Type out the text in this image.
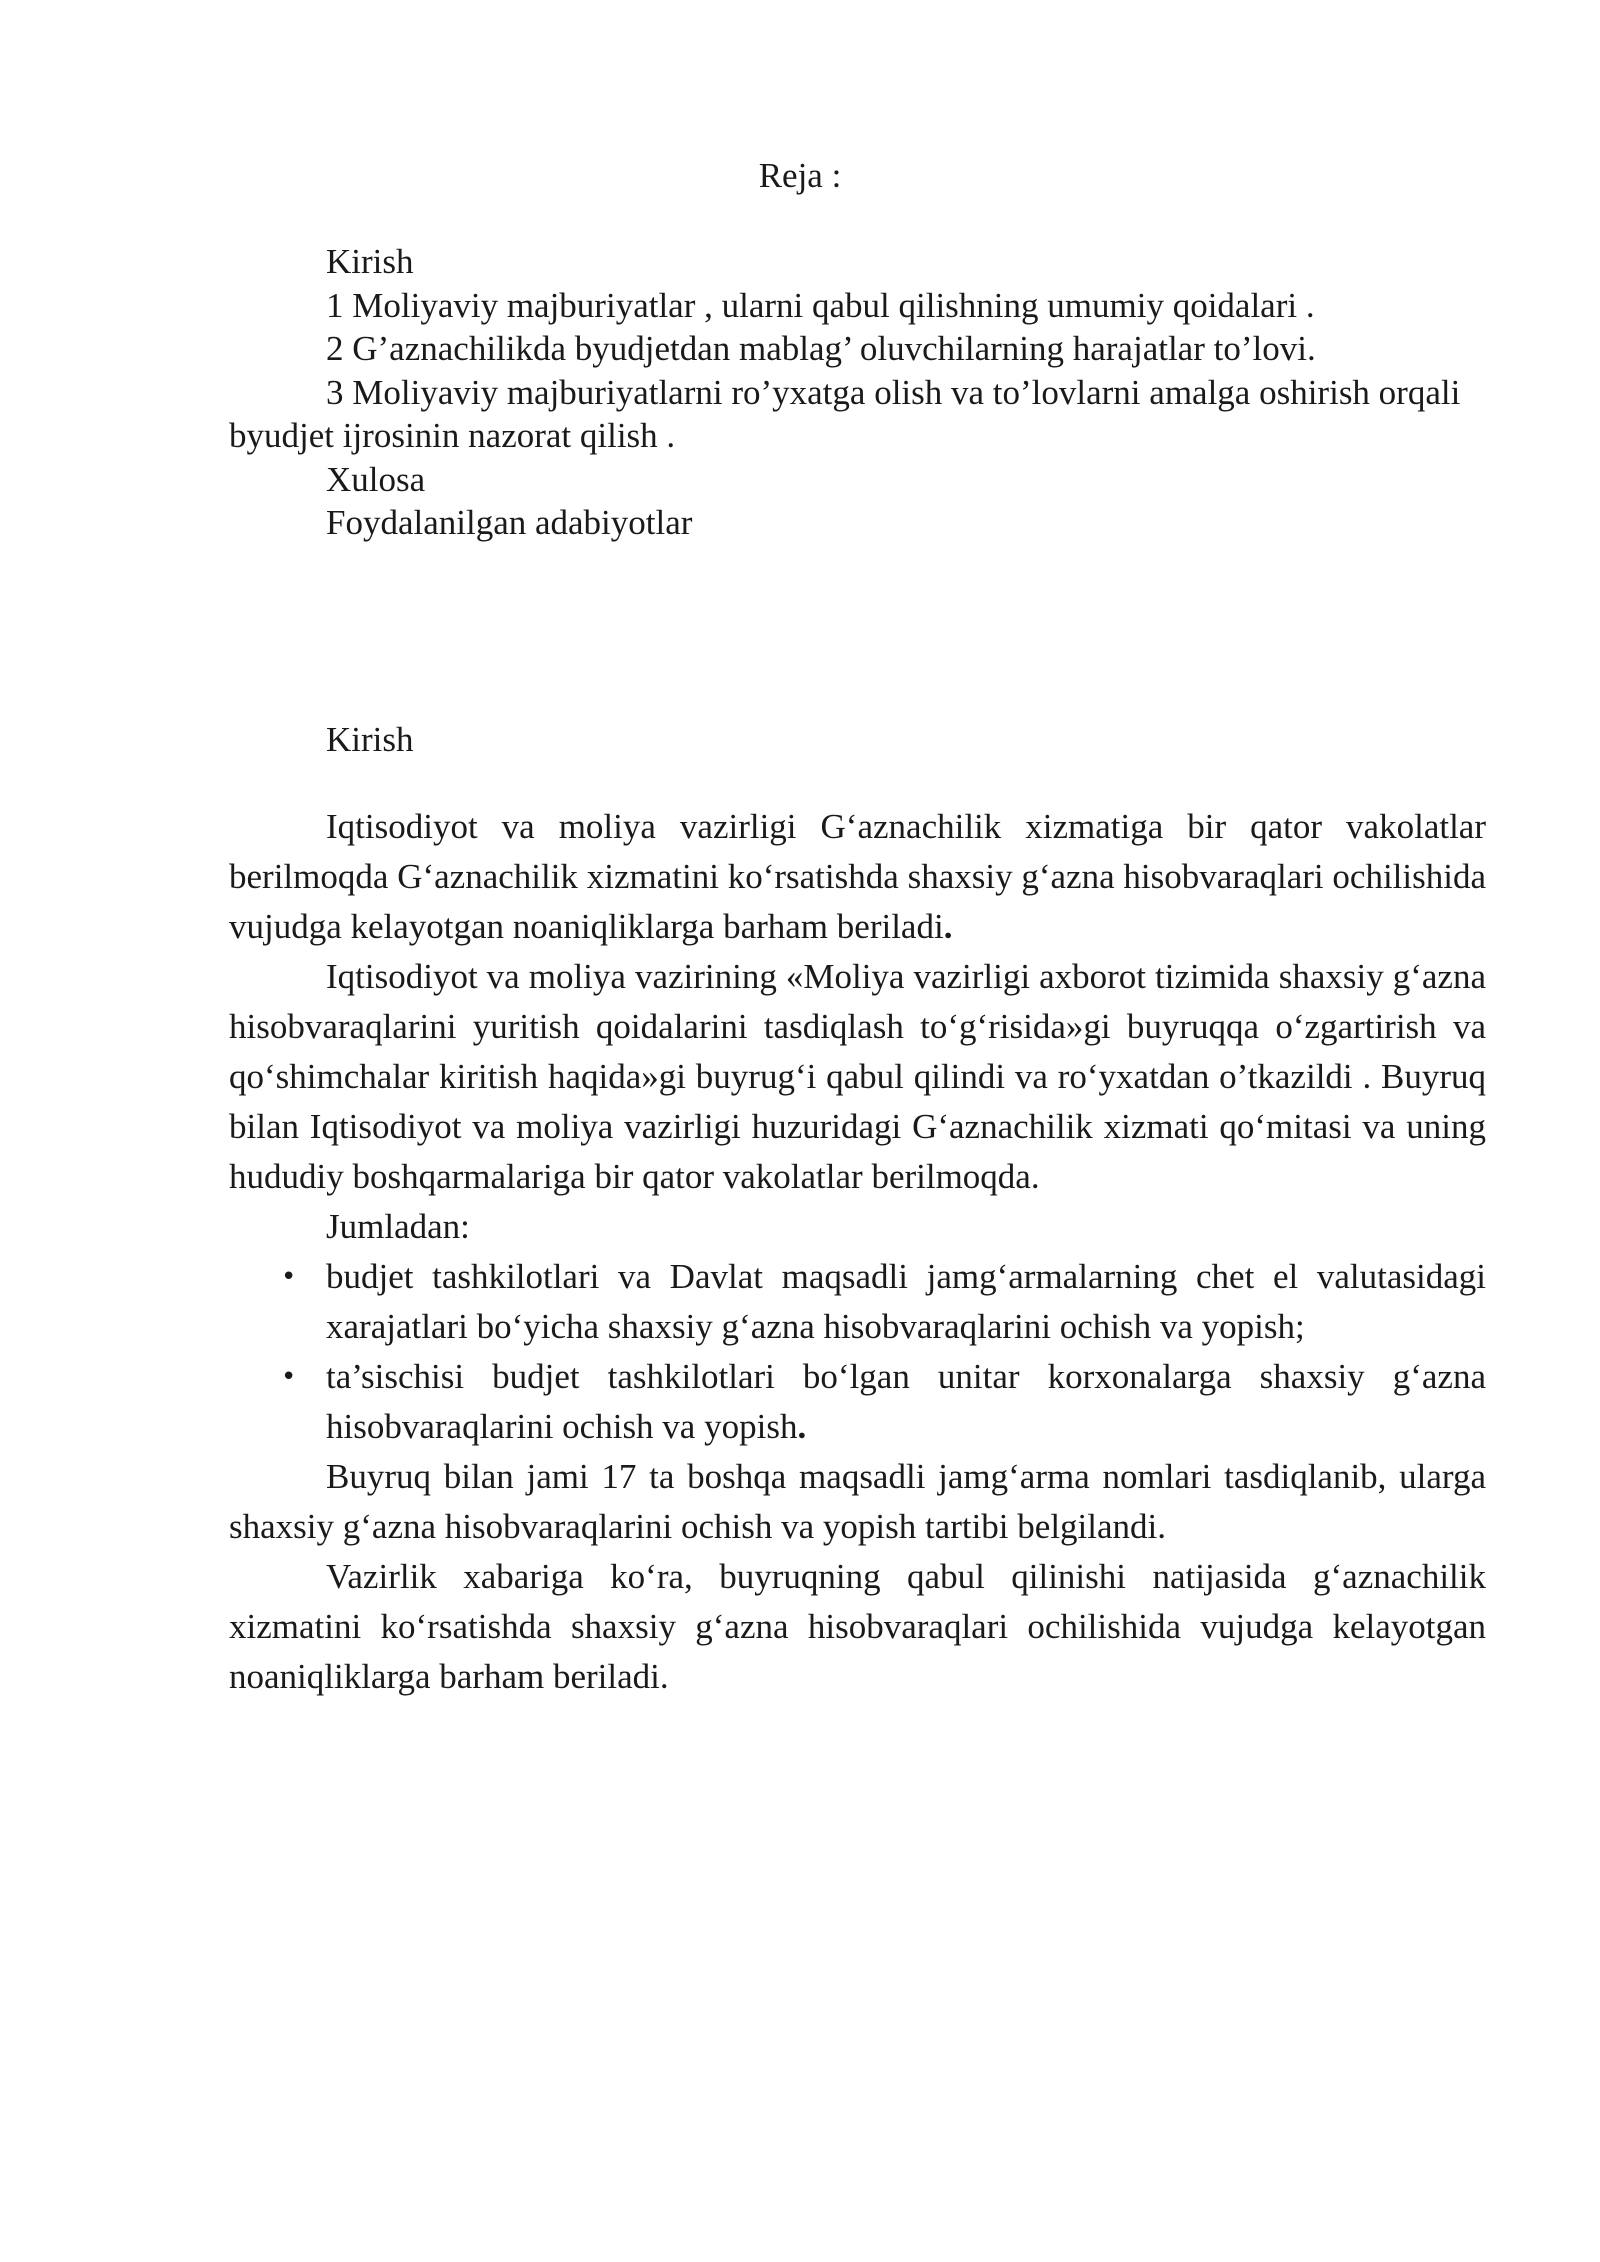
Reja :
Kirish
1 Moliyaviy majburiyatlar , ularni qabul qilishning umumiy qoidalari .
2 G’aznachilikda byudjetdan mablag’ oluvchilarning harajatlar to’lovi.
3 Moliyaviy majburiyatlarni ro’yxatga olish va to’lovlarni amalga oshirish orqali byudjet ijrosinin nazorat qilish .
Xulosa
Foydalanilgan adabiyotlar
Kirish

Iqtisodiyot va moliya vazirligi G‘aznachilik xizmatiga bir qator vakolatlar berilmoqda G‘aznachilik xizmatini ko‘rsatishda shaxsiy g‘azna hisobvaraqlari ochilishida vujudga kelayotgan noaniqliklarga barham beriladi.

Iqtisodiyot va moliya vazirining «Moliya vazirligi axborot tizimida shaxsiy g‘azna hisobvaraqlarini yuritish qoidalarini tasdiqlash to‘g‘risida»gi buyruqqa o‘zgartirish va qo‘shimchalar kiritish haqida»gi buyrug‘i qabul qilindi va ro‘yxatdan o’tkazildi . Buyruq bilan Iqtisodiyot va moliya vazirligi huzuridagi G‘aznachilik xizmati qo‘mitasi va uning hududiy boshqarmalariga bir qator vakolatlar berilmoqda.

Jumladan:

• budjet tashkilotlari va Davlat maqsadli jamg‘armalarning chet el valutasidagi xarajatlari bo‘yicha shaxsiy g‘azna hisobvaraqlarini ochish va yopish;
• ta’sischisi budjet tashkilotlari bo‘lgan unitar korxonalarga shaxsiy g‘azna hisobvaraqlarini ochish va yopish.

Buyruq bilan jami 17 ta boshqa maqsadli jamg‘arma nomlari tasdiqlanib, ularga shaxsiy g‘azna hisobvaraqlarini ochish va yopish tartibi belgilandi.

Vazirlik xabariga ko‘ra, buyruqning qabul qilinishi natijasida g‘aznachilik xizmatini ko‘rsatishda shaxsiy g‘azna hisobvaraqlari ochilishida vujudga kelayotgan noaniqliklarga barham beriladi.
